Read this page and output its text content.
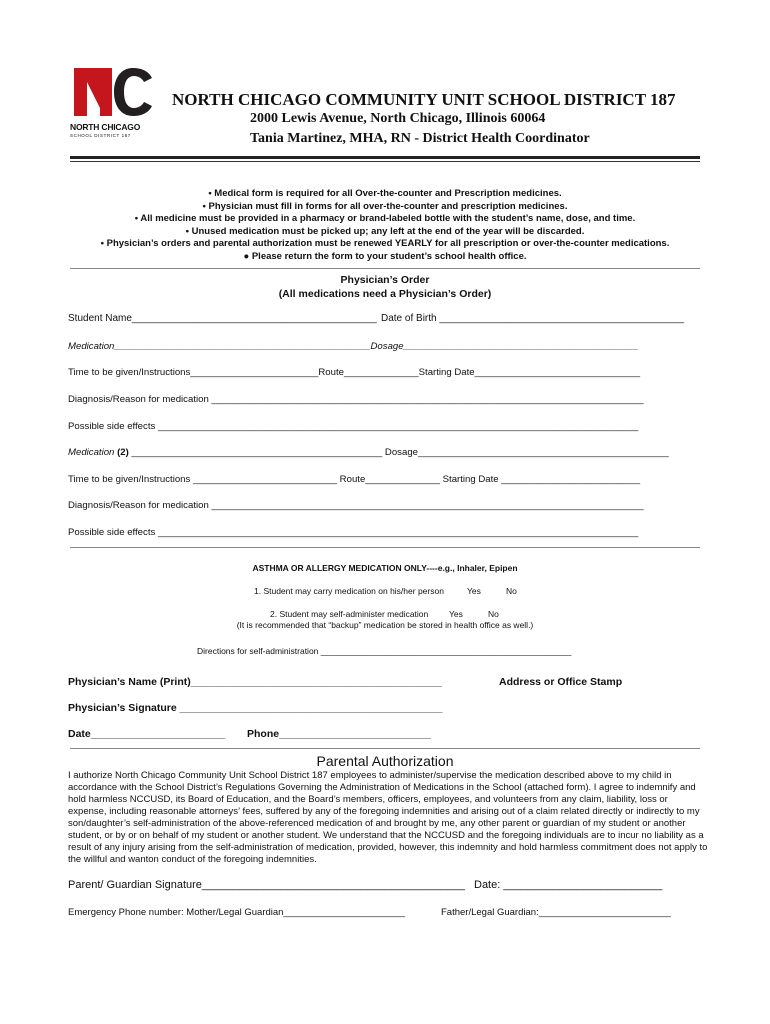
NORTH CHICAGO
SCHOOL DISTRICT 187
NORTH CHICAGO COMMUNITY UNIT SCHOOL DISTRICT 187
2000 Lewis Avenue, North Chicago, Illinois 60064
Tania Martinez, MHA, RN - District Health Coordinator
• Medical form is required for all Over-the-counter and Prescription medicines.
• Physician must fill in forms for all over-the-counter and prescription medicines.
• All medicine must be provided in a pharmacy or brand-labeled bottle with the student’s name, dose, and time.
• Unused medication must be picked up; any left at the end of the year will be discarded.
• Physician’s orders and parental authorization must be renewed YEARLY for all prescription or over-the-counter medications.
● Please return the form to your student’s school health office.
Physician’s Order
(All medications need a Physician’s Order)
Student Name____________________________________________ Date of Birth ____________________________________________
Medication________________________________________________Dosage____________________________________________
Time to be given/Instructions________________________Route______________Starting Date_______________________________
Diagnosis/Reason for medication _________________________________________________________________________________
Possible side effects __________________________________________________________________________________________
Medication (2) _______________________________________________ Dosage_______________________________________________
Time to be given/Instructions ___________________________ Route______________ Starting Date __________________________
Diagnosis/Reason for medication _________________________________________________________________________________
Possible side effects __________________________________________________________________________________________
ASTHMA OR ALLERGY MEDICATION ONLY----e.g., Inhaler, Epipen
1. Student may carry medication on his/her person	Yes	No
2. Student may self-administer medication Yes	No
(It is recommended that “backup” medication be stored in health office as well.)
Directions for self-administration _____________________________________________________
Physician’s Name (Print)___________________________________________	Address or Office Stamp
Physician’s Signature _____________________________________________
Date_______________________ Phone__________________________
Parental Authorization
I authorize North Chicago Community Unit School District 187 employees to administer/supervise the medication described above to my child in accordance with the School District’s Regulations Governing the Administration of Medications in the School (attached form). I agree to indemnify and hold harmless NCCUSD, its Board of Education, and the Board’s members, officers, employees, and volunteers from any claim, liability, loss or expense, including reasonable attorneys’ fees, suffered by any of the foregoing indemnities and arising out of a claim related directly or indirectly to my son/daughter’s self-administration of the above-referenced medication of and brought by me, any other parent or guardian of my student or another student, or by or on behalf of my student or another student. We understand that the NCCUSD and the foregoing individuals are to incur no liability as a result of any injury arising from the self-administration of medication, provided, however, this indemnity and hold harmless commitment does not apply to the willful and wanton conduct of the foregoing indemnities.
Parent/ Guardian Signature___________________________________________ Date: __________________________
Emergency Phone number: Mother/Legal Guardian_______________________	Father/Legal Guardian:_________________________
